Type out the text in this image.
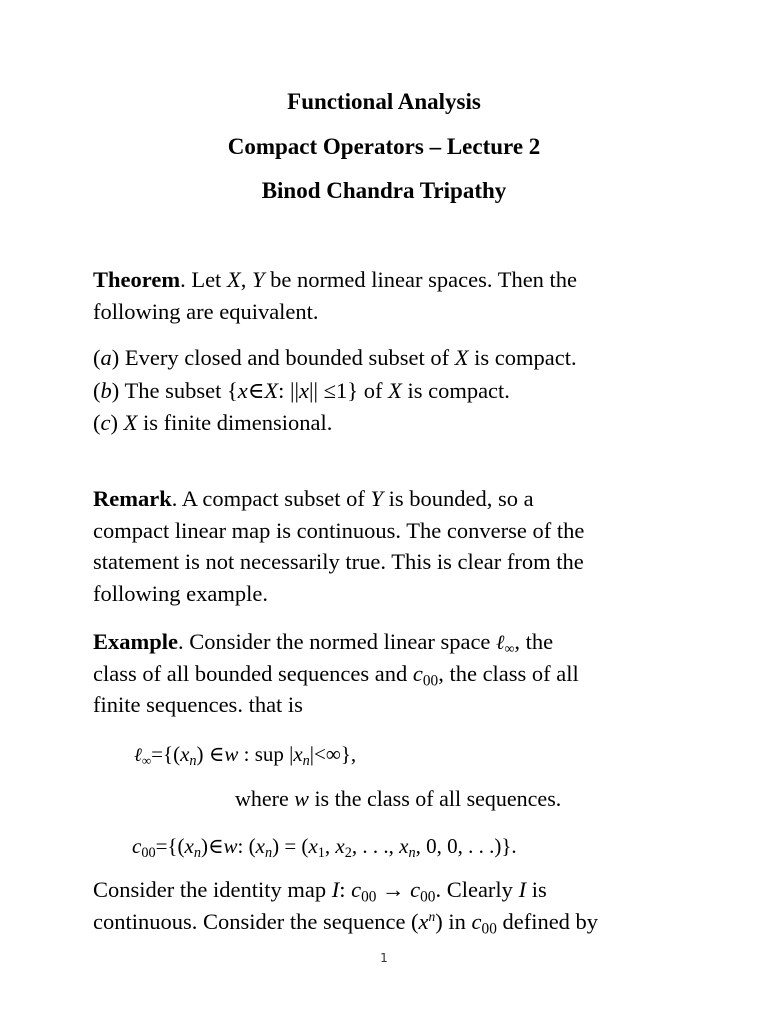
Functional Analysis
Compact Operators – Lecture 2
Binod Chandra Tripathy
Theorem. Let X, Y be normed linear spaces. Then the
following are equivalent.
(a) Every closed and bounded subset of X is compact.
(b) The subset {x∈X: ||x|| ≤1} of X is compact.
(c) X is finite dimensional.
Remark. A compact subset of Y is bounded, so a
compact linear map is continuous. The converse of the
statement is not necessarily true. This is clear from the
following example.
Example. Consider the normed linear space ℓ∞, the
class of all bounded sequences and $c_{00}$, the class of all
finite sequences. that is
$\ell\infty=\{(x_n)$ ∈w : sup $|x_n|<\infty$},
where w is the class of all sequences.
$c_{00}=\{(x_n)\in w$: $(x_n) = (x_1$, $x_2$, . . ., $x_n$, 0, 0, . . .)}.
Consider the identity map I: $c_{00} \to c_{00}$. Clearly I is
continuous. Consider the sequence $(x^n)$ in $c_{00}$ defined by
1
